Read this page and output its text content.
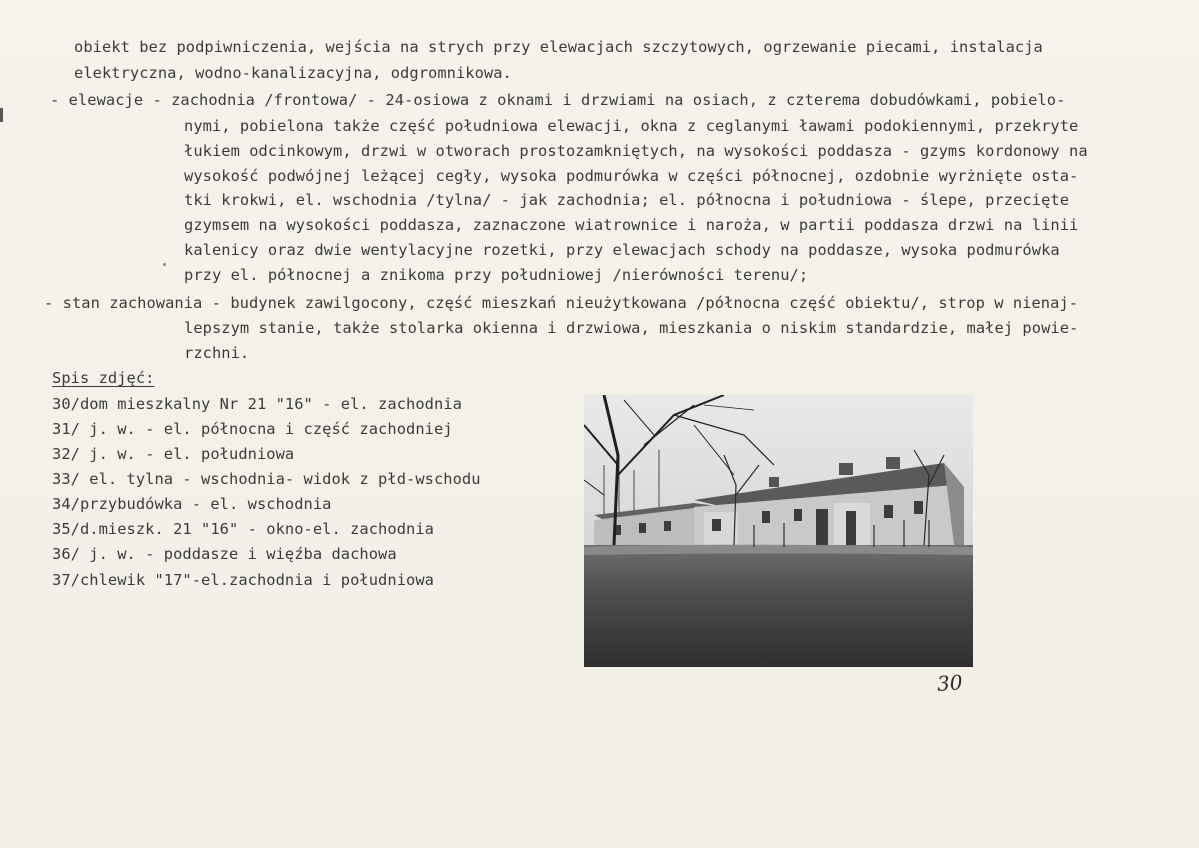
obiekt bez podpiwniczenia, wejścia na strych przy elewacjach szczytowych, ogrzewanie piecami, instalacja
elektryczna, wodno-kanalizacyjna, odgromnikowa.
- elewacje - zachodnia /frontowa/ - 24-osiowa z oknami i drzwiami na osiach, z czterema dobudówkami, pobielo-
nymi, pobielona także część południowa elewacji, okna z ceglanymi ławami podokiennymi, przekryte
łukiem odcinkowym, drzwi w otworach prostozamkniętych, na wysokości poddasza - gzyms kordonowy na
wysokość podwójnej leżącej cegły, wysoka podmurówka w części północnej, ozdobnie wyrżnięte osta-
tki krokwi, el. wschodnia /tylna/ - jak zachodnia; el. północna i południowa - ślepe, przecięte
gzymsem na wysokości poddasza, zaznaczone wiatrownice i naroża, w partii poddasza drzwi na linii
kalenicy oraz dwie wentylacyjne rozetki, przy elewacjach schody na poddasze, wysoka podmurówka
przy el. północnej a znikoma przy południowej /nierówności terenu/;
- stan zachowania - budynek zawilgocony, część mieszkań nieużytkowana /północna część obiektu/, strop w nienaj-
lepszym stanie, także stolarka okienna i drzwiowa, mieszkania o niskim standardzie, małej powie-
rzchni.
Spis zdjęć:
30/dom mieszkalny Nr 21 "16" - el. zachodnia
31/ j. w. - el. północna i część zachodniej
32/ j. w. - el. południowa
33/ el. tylna - wschodnia- widok z płd-wschodu
34/przybudówka - el. wschodnia
35/d.mieszk. 21 "16" - okno-el. zachodnia
36/ j. w. - poddasze i więźba dachowa
37/chlewik "17"-el.zachodnia i południowa
30
